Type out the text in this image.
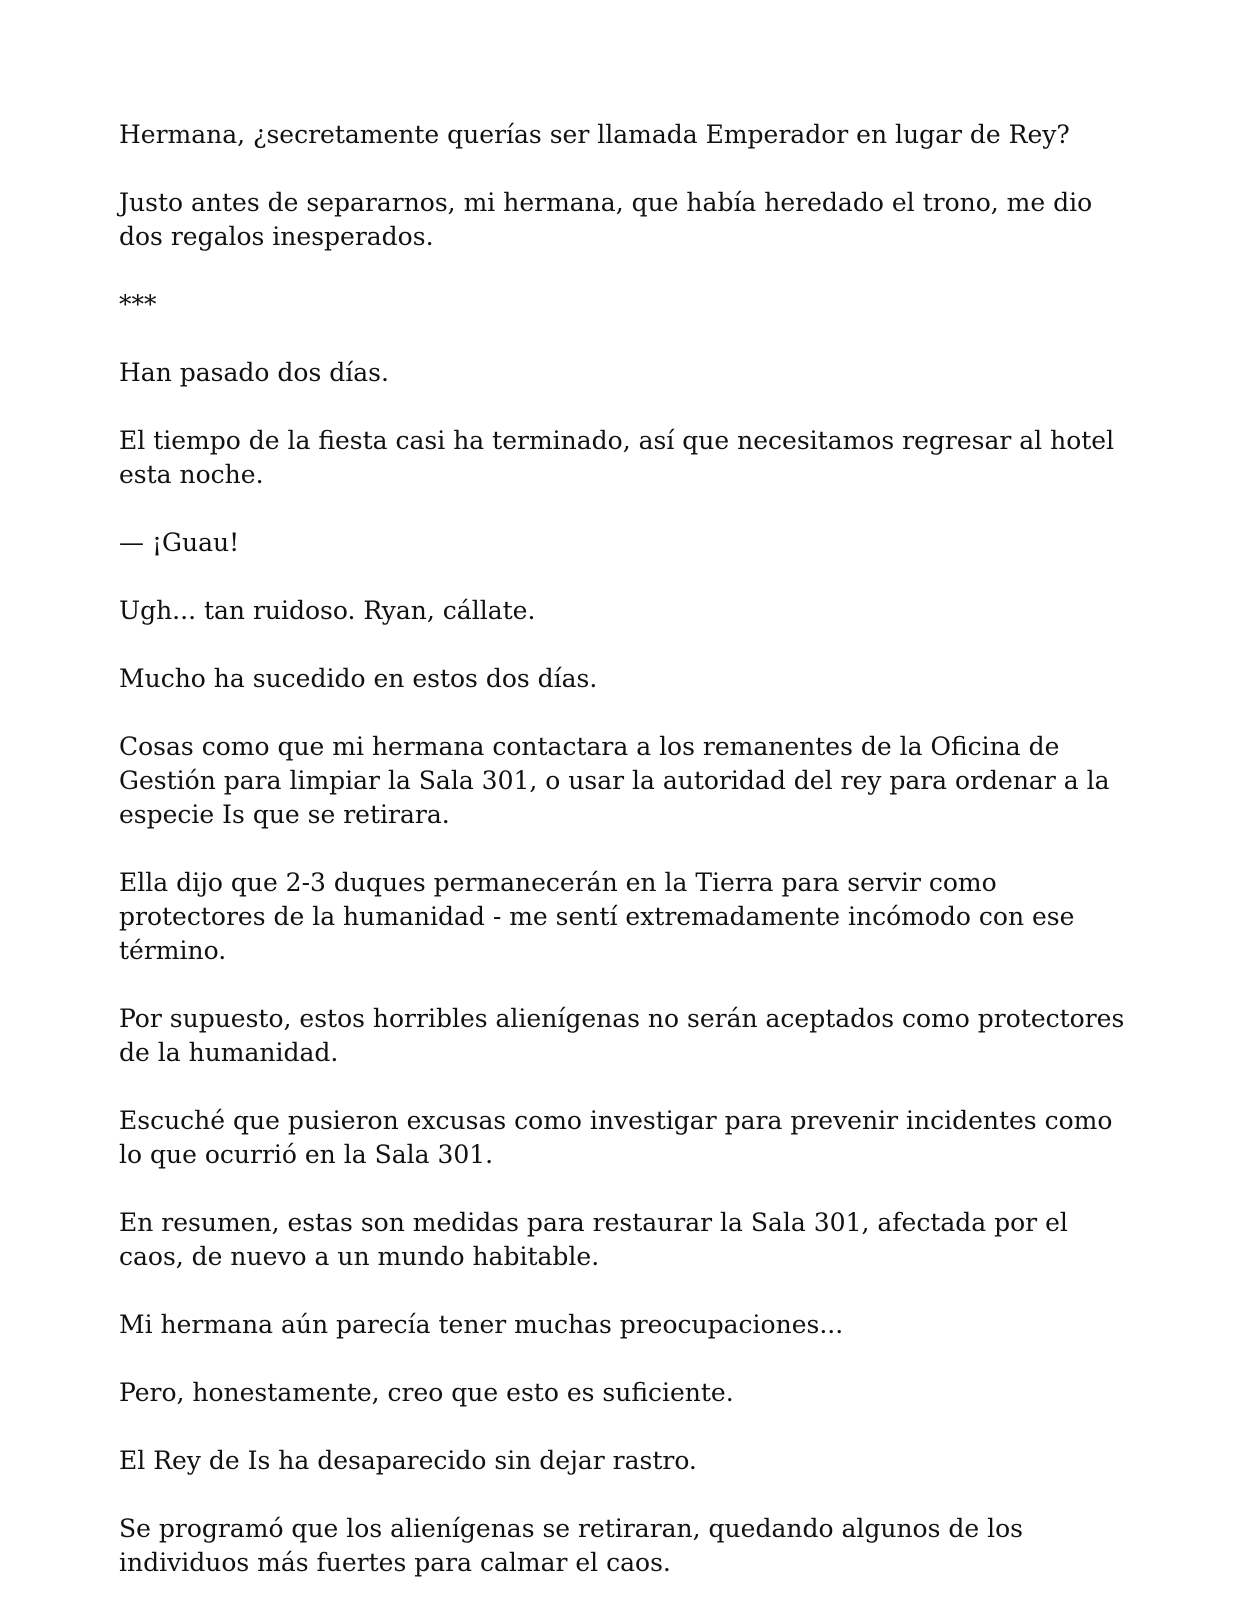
Hermana, ¿secretamente querías ser llamada Emperador en lugar de Rey?

Justo antes de separarnos, mi hermana, que había heredado el trono, me dio dos regalos inesperados.

***

Han pasado dos días.

El tiempo de la fiesta casi ha terminado, así que necesitamos regresar al hotel esta noche.

— ¡Guau!

Ugh... tan ruidoso. Ryan, cállate.

Mucho ha sucedido en estos dos días.

Cosas como que mi hermana contactara a los remanentes de la Oficina de Gestión para limpiar la Sala 301, o usar la autoridad del rey para ordenar a la especie Is que se retirara.

Ella dijo que 2-3 duques permanecerán en la Tierra para servir como protectores de la humanidad - me sentí extremadamente incómodo con ese término.

Por supuesto, estos horribles alienígenas no serán aceptados como protectores de la humanidad.

Escuché que pusieron excusas como investigar para prevenir incidentes como lo que ocurrió en la Sala 301.

En resumen, estas son medidas para restaurar la Sala 301, afectada por el caos, de nuevo a un mundo habitable.

Mi hermana aún parecía tener muchas preocupaciones...

Pero, honestamente, creo que esto es suficiente.

El Rey de Is ha desaparecido sin dejar rastro.

Se programó que los alienígenas se retiraran, quedando algunos de los individuos más fuertes para calmar el caos.
